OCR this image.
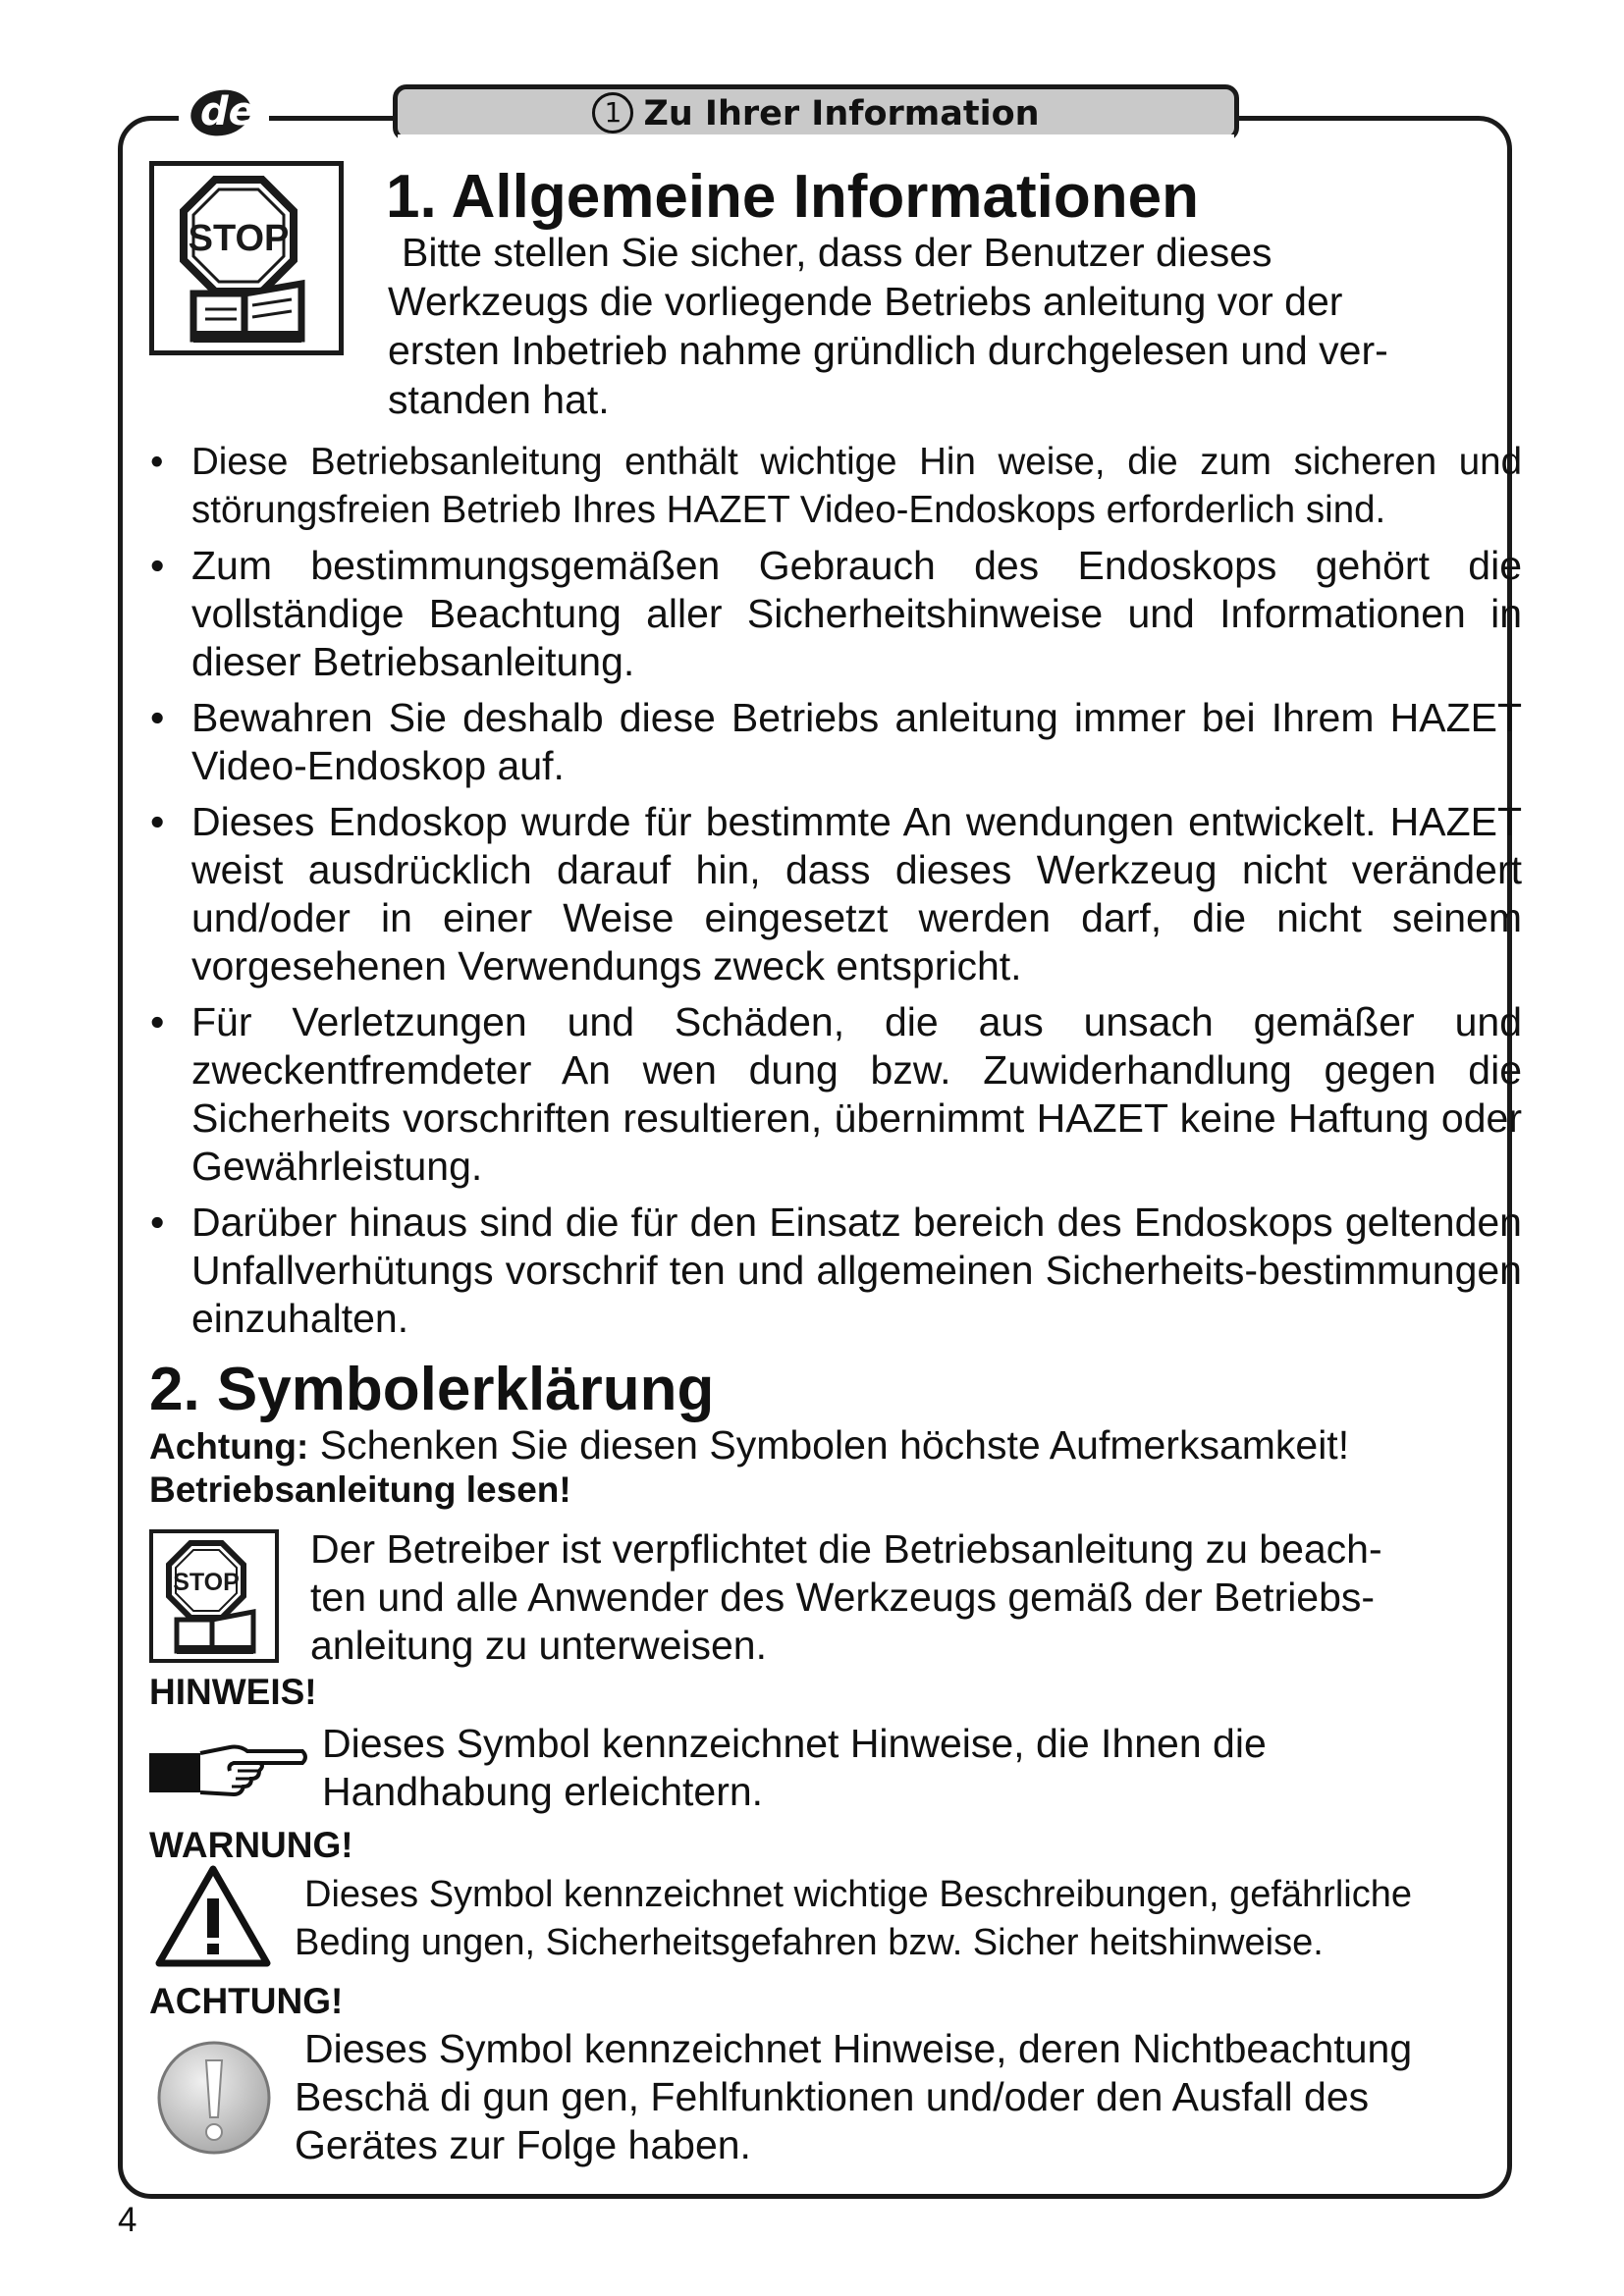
de	1 Zu Ihrer Information
STOP
1. Allgemeine Informationen
Bitte stellen Sie sicher, dass der Benutzer dieses
Werkzeugs die vorliegende Betriebs anleitung vor der
ersten Inbetrieb nahme gründlich durchgelesen und ver-
standen hat.
• Diese Betriebsanleitung enthält wichtige Hin weise, die zum sicheren und störungsfreien Betrieb Ihres HAZET Video-Endoskops erforderlich sind.
• Zum bestimmungsgemäßen Gebrauch des Endoskops gehört die vollständige Beachtung aller Sicherheitshinweise und Informationen in dieser Betriebsanleitung.
• Bewahren Sie deshalb diese Betriebs anleitung immer bei Ihrem HAZET Video-Endoskop auf.
• Dieses Endoskop wurde für bestimmte An wendungen entwickelt. HAZET weist ausdrücklich darauf hin, dass dieses Werkzeug nicht verändert und/oder in einer Weise eingesetzt werden darf, die nicht seinem vorgesehenen Verwendungs zweck entspricht.
• Für Verletzungen und Schäden, die aus unsach gemäßer und zweckentfremdeter An wen dung bzw. Zuwiderhandlung gegen die Sicherheits vorschriften resultieren, übernimmt HAZET keine Haftung oder Gewährleistung.
• Darüber hinaus sind die für den Einsatz bereich des Endoskops geltenden Unfallverhütungs vorschrif ten und allgemeinen Sicherheits-bestimmungen einzuhalten.
2. Symbolerklärung
Achtung: Schenken Sie diesen Symbolen höchste Aufmerksamkeit!
Betriebsanleitung lesen!
STOP
Der Betreiber ist verpflichtet die Betriebsanleitung zu beach-
ten und alle Anwender des Werkzeugs gemäß der Betriebs-
anleitung zu unterweisen.
HINWEIS!
Dieses Symbol kennzeichnet Hinweise, die Ihnen die
Handhabung erleichtern.
WARNUNG!
Dieses Symbol kennzeichnet wichtige Beschreibungen, gefährliche
Beding ungen, Sicherheitsgefahren bzw. Sicher heitshinweise.
ACHTUNG!
Dieses Symbol kennzeichnet Hinweise, deren Nichtbeachtung
Beschä di gun gen, Fehlfunktionen und/oder den Ausfall des
Gerätes zur Folge haben.
4
